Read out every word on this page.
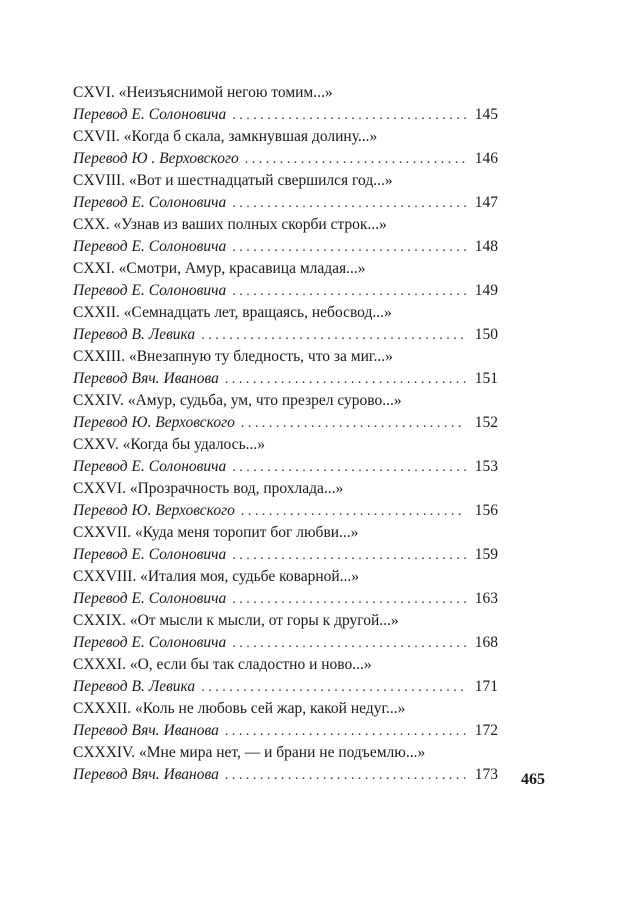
CXVI. «Неизъяснимой негою томим...»
Перевод Е. Солоновича . . .	145
CXVII. «Когда б скала, замкнувшая долину...»
Перевод Ю . Верховского . . .	146
CXVIII. «Вот и шестнадцатый свершился год...»
Перевод Е. Солоновича . . .	147
CXX. «Узнав из ваших полных скорби строк...»
Перевод Е. Солоновича . . .	148
CXXI. «Смотри, Амур, красавица младая...»
Перевод Е. Солоновича . . .	149
CXXII. «Семнадцать лет, вращаясь, небосвод...»
Перевод В. Левика . . .	150
CXXIII. «Внезапную ту бледность, что за миг...»
Перевод Вяч. Иванова . . .	151
CXXIV. «Амур, судьба, ум, что презрел сурово...»
Перевод Ю. Верховского . . .	152
CXXV. «Когда бы удалось...»
Перевод Е. Солоновича . . .	153
CXXVI. «Прозрачность вод, прохлада...»
Перевод Ю. Верховского . . .	156
CXXVII. «Куда меня торопит бог любви...»
Перевод Е. Солоновича . . .	159
CXXVIII. «Италия моя, судьбе коварной...»
Перевод Е. Солоновича . . .	163
CXXIX. «От мысли к мысли, от горы к другой...»
Перевод Е. Солоновича . . .	168
CXXXI. «О, если бы так сладостно и ново...»
Перевод В. Левика . . .	171
CXXXII. «Коль не любовь сей жар, какой недуг...»
Перевод Вяч. Иванова . . .	172
CXXXIV. «Мне мира нет, — и брани не подъемлю...»
Перевод Вяч. Иванова . . .	173 465
